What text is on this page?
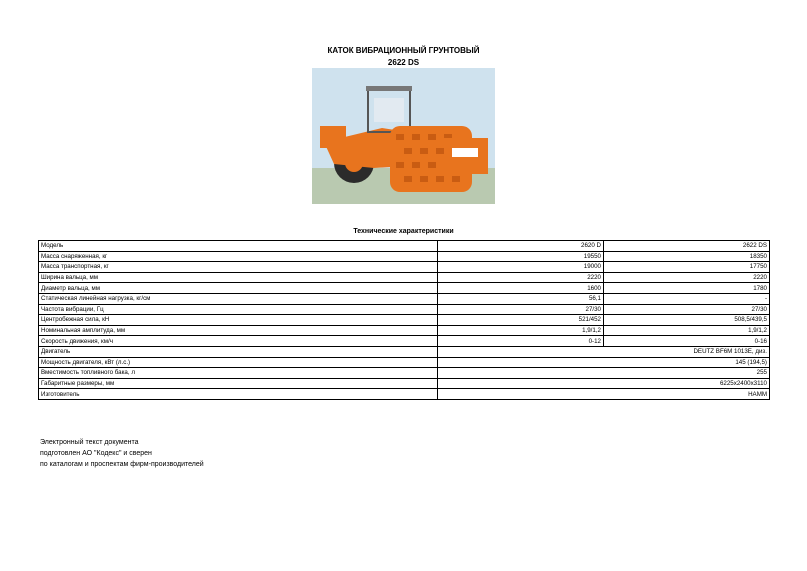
КАТОК ВИБРАЦИОННЫЙ ГРУНТОВЫЙ
2622 DS
Технические характеристики
Модель	2620 D	2622 DS
Масса снаряженная, кг	19550	18350
Масса транспортная, кг	19000	17750
Ширина вальца, мм	2220	2220
Диаметр вальца, мм	1600	1780
Статическая линейная нагрузка, кг/см	56,1	-
Частота вибрации, Гц	27/30	27/30
Центробежная сила, кН	521/452	508,5/439,5
Номинальная амплитуда, мм	1,9/1,2	1,9/1,2
Скорость движения, км/ч	0-12	0-16
Двигатель	DEUTZ BF6M 1013E, диз.	
Мощность двигателя, кВт (л.с.)	145 (194,5)	
Вместимость топливного бака, л	255	
Габаритные размеры, мм	6225x2400x3110	
Изготовитель	HAMM	
Электронный текст документа
подготовлен АО "Кодекс" и сверен
по каталогам и проспектам фирм-производителей
